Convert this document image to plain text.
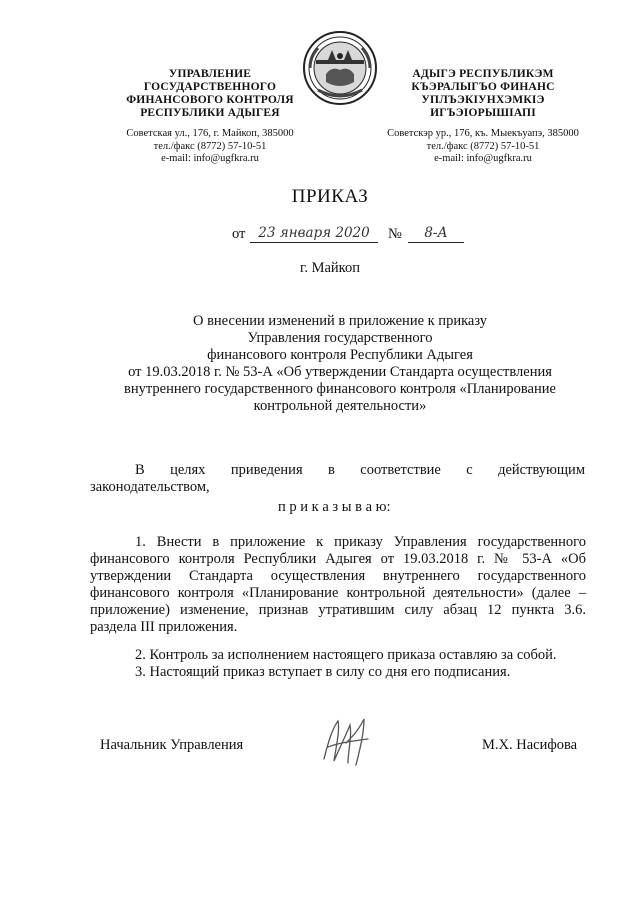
УПРАВЛЕНИЕ
ГОСУДАРСТВЕННОГО
ФИНАНСОВОГО КОНТРОЛЯ
РЕСПУБЛИКИ АДЫГЕЯ
Советская ул., 176, г. Майкоп, 385000
тел./факс (8772) 57-10-51
e-mail: info@ugfkra.ru
АДЫГЭ РЕСПУБЛИКЭМ
КЪЭРАЛЫГЪО ФИНАНС
УПЛЪЭКIУНХЭМКIЭ
ИГЪЭIОРЫШIАПI
Советскэр ур., 176, къ. Мыекъуапэ, 385000
тел./факс (8772) 57-10-51
e-mail: info@ugfkra.ru
ПРИКАЗ
от 23 января 2020	№	8-А
г. Майкоп
О внесении изменений в приложение к приказу
Управления государственного
финансового контроля Республики Адыгея
от 19.03.2018 г. № 53-А «Об утверждении Стандарта осуществления
внутреннего государственного финансового контроля «Планирование
контрольной деятельности»
В целях приведения в соответствие с действующим
законодательством,
п р и к а з ы в а ю:
1. Внести в приложение к приказу Управления государственного
финансового контроля Республики Адыгея от 19.03.2018 г. № 53-А «Об
утверждении Стандарта осуществления внутреннего государственного
финансового контроля «Планирование контрольной деятельности» (далее –
приложение) изменение, признав утратившим силу абзац 12 пункта 3.6.
раздела III приложения.
2. Контроль за исполнением настоящего приказа оставляю за собой.
3. Настоящий приказ вступает в силу со дня его подписания.
Начальник Управления	М.Х. Насифова
